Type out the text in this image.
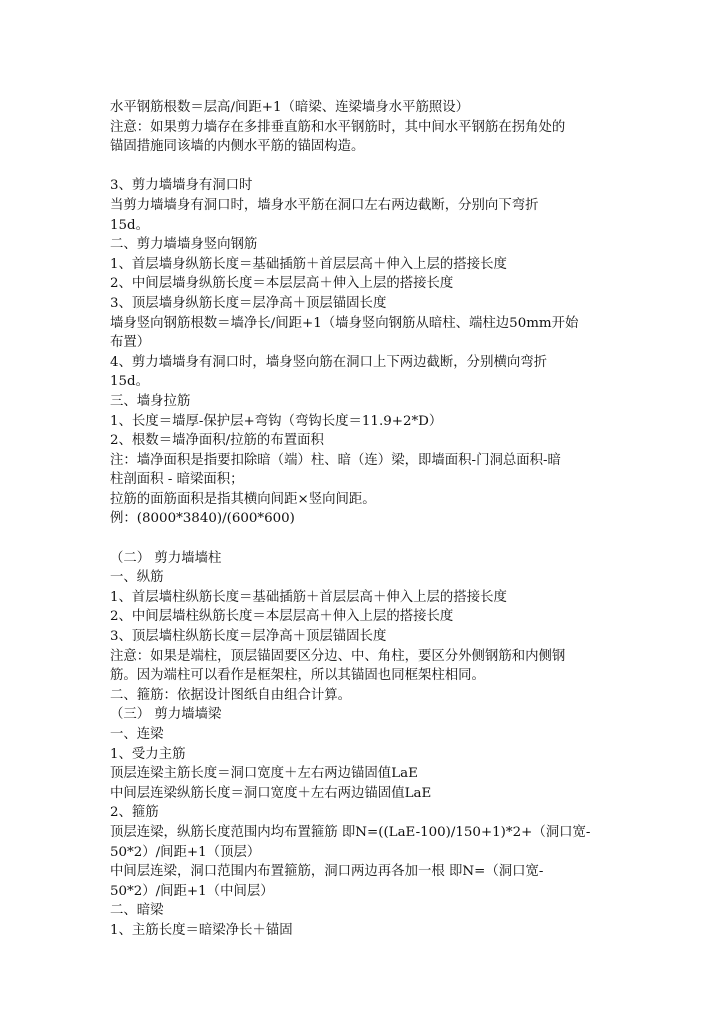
水平钢筋根数＝层高/间距+1（暗梁、连梁墙身水平筋照设）
注意：如果剪力墙存在多排垂直筋和水平钢筋时，其中间水平钢筋在拐角处的
锚固措施同该墙的内侧水平筋的锚固构造。
3、剪力墙墙身有洞口时
当剪力墙墙身有洞口时，墙身水平筋在洞口左右两边截断，分别向下弯折
15d。
二、剪力墙墙身竖向钢筋
1、首层墙身纵筋长度＝基础插筋＋首层层高＋伸入上层的搭接长度
2、中间层墙身纵筋长度＝本层层高＋伸入上层的搭接长度
3、顶层墙身纵筋长度＝层净高＋顶层锚固长度
墙身竖向钢筋根数＝墙净长/间距+1（墙身竖向钢筋从暗柱、端柱边50mm开始
布置）
4、剪力墙墙身有洞口时，墙身竖向筋在洞口上下两边截断，分别横向弯折
15d。
三、墙身拉筋
1、长度＝墙厚-保护层+弯钩（弯钩长度＝11.9+2*D）
2、根数＝墙净面积/拉筋的布置面积
注：墙净面积是指要扣除暗（端）柱、暗（连）梁，即墙面积-门洞总面积-暗
柱剖面积 - 暗梁面积；
拉筋的面筋面积是指其横向间距×竖向间距。
例：(8000*3840)/(600*600)
（二） 剪力墙墙柱
一、纵筋
1、首层墙柱纵筋长度＝基础插筋＋首层层高＋伸入上层的搭接长度
2、中间层墙柱纵筋长度＝本层层高＋伸入上层的搭接长度
3、顶层墙柱纵筋长度＝层净高＋顶层锚固长度
注意：如果是端柱，顶层锚固要区分边、中、角柱，要区分外侧钢筋和内侧钢
筋。因为端柱可以看作是框架柱，所以其锚固也同框架柱相同。
二、箍筋：依据设计图纸自由组合计算。
（三） 剪力墙墙梁
一、连梁
1、受力主筋
顶层连梁主筋长度＝洞口宽度＋左右两边锚固值LaE
中间层连梁纵筋长度＝洞口宽度＋左右两边锚固值LaE
2、箍筋
顶层连梁，纵筋长度范围内均布置箍筋 即N=((LaE-100)/150+1)*2+（洞口宽-
50*2）/间距+1（顶层）
中间层连梁，洞口范围内布置箍筋，洞口两边再各加一根 即N=（洞口宽-
50*2）/间距+1（中间层）
二、暗梁
1、主筋长度＝暗梁净长＋锚固
